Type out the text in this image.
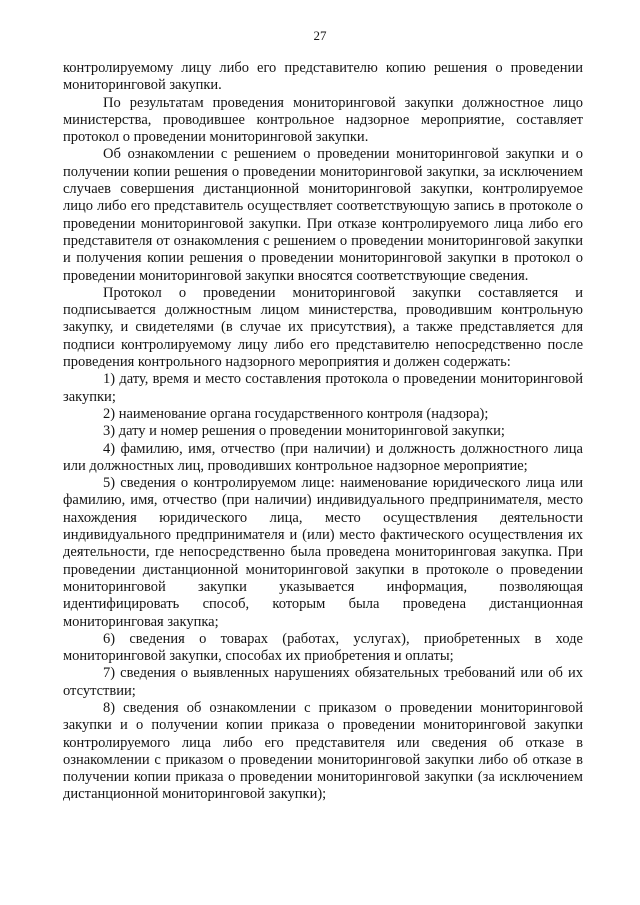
27

контролируемому лицу либо его представителю копию решения о проведении мониторинговой закупки.

По результатам проведения мониторинговой закупки должностное лицо министерства, проводившее контрольное надзорное мероприятие, составляет протокол о проведении мониторинговой закупки.

Об ознакомлении с решением о проведении мониторинговой закупки и о получении копии решения о проведении мониторинговой закупки, за исключением случаев совершения дистанционной мониторинговой закупки, контролируемое лицо либо его представитель осуществляет соответствующую запись в протоколе о проведении мониторинговой закупки. При отказе контролируемого лица либо его представителя от ознакомления с решением о проведении мониторинговой закупки и получения копии решения о проведении мониторинговой закупки в протокол о проведении мониторинговой закупки вносятся соответствующие сведения.

Протокол о проведении мониторинговой закупки составляется и подписывается должностным лицом министерства, проводившим контрольную закупку, и свидетелями (в случае их присутствия), а также представляется для подписи контролируемому лицу либо его представителю непосредственно после проведения контрольного надзорного мероприятия и должен содержать:

1) дату, время и место составления протокола о проведении мониторинговой закупки;

2) наименование органа государственного контроля (надзора);

3) дату и номер решения о проведении мониторинговой закупки;

4) фамилию, имя, отчество (при наличии) и должность должностного лица или должностных лиц, проводивших контрольное надзорное мероприятие;

5) сведения о контролируемом лице: наименование юридического лица или фамилию, имя, отчество (при наличии) индивидуального предпринимателя, место нахождения юридического лица, место осуществления деятельности индивидуального предпринимателя и (или) место фактического осуществления их деятельности, где непосредственно была проведена мониторинговая закупка. При проведении дистанционной мониторинговой закупки в протоколе о проведении мониторинговой закупки указывается информация, позволяющая идентифицировать способ, которым была проведена дистанционная мониторинговая закупка;

6) сведения о товарах (работах, услугах), приобретенных в ходе мониторинговой закупки, способах их приобретения и оплаты;

7) сведения о выявленных нарушениях обязательных требований или об их отсутствии;

8) сведения об ознакомлении с приказом о проведении мониторинговой закупки и о получении копии приказа о проведении мониторинговой закупки контролируемого лица либо его представителя или сведения об отказе в ознакомлении с приказом о проведении мониторинговой закупки либо об отказе в получении копии приказа о проведении мониторинговой закупки (за исключением дистанционной мониторинговой закупки);
